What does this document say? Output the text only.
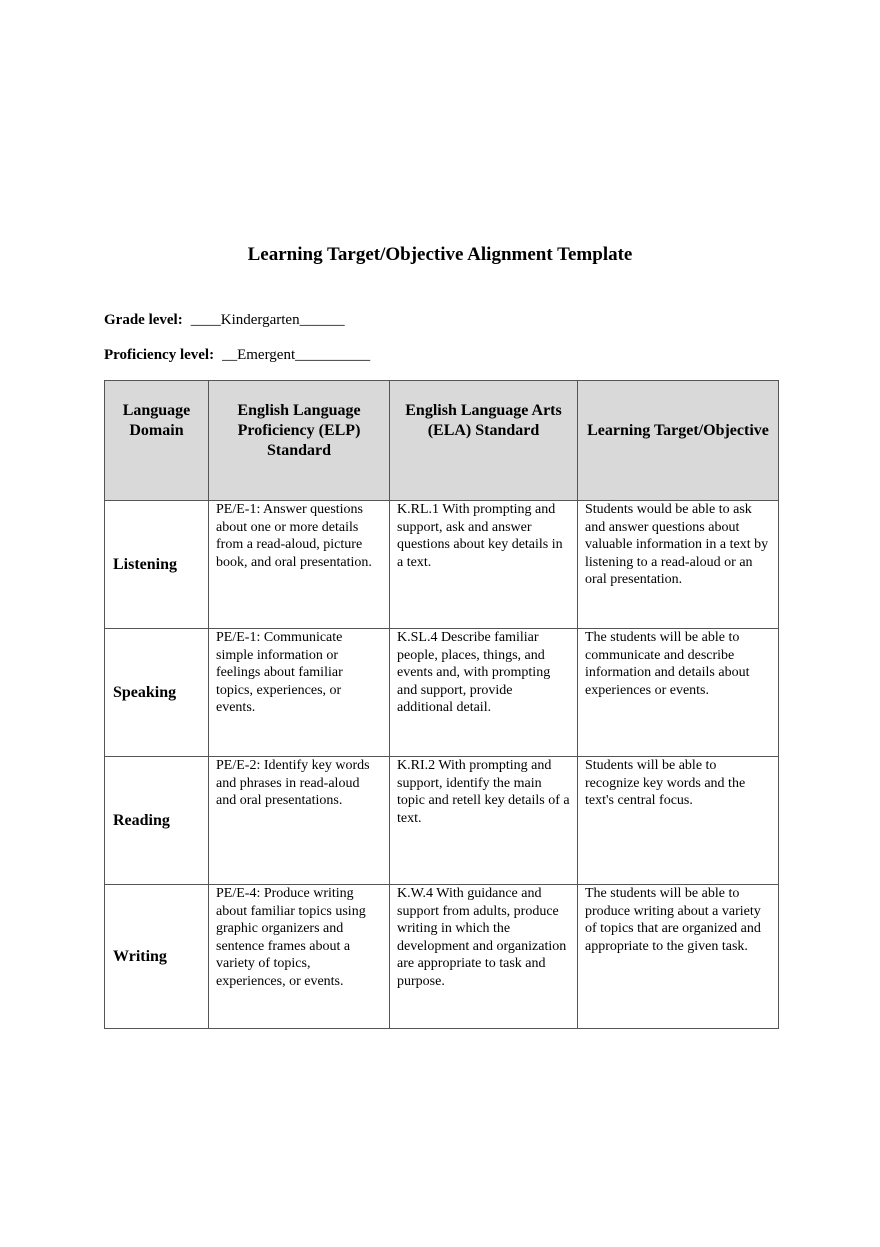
Learning Target/Objective Alignment Template
Grade level: ____Kindergarten______
Proficiency level: __Emergent__________
Language Domain	English Language Proficiency (ELP) Standard	English Language Arts (ELA) Standard	Learning Target/Objective
Listening	PE/E-1: Answer questions about one or more details from a read-aloud, picture book, and oral presentation.	K.RL.1 With prompting and support, ask and answer questions about key details in a text.	Students would be able to ask and answer questions about valuable information in a text by listening to a read-aloud or an oral presentation.
Speaking	PE/E-1: Communicate simple information or feelings about familiar topics, experiences, or events.	K.SL.4 Describe familiar people, places, things, and events and, with prompting and support, provide additional detail.	The students will be able to communicate and describe information and details about experiences or events.
Reading	PE/E-2: Identify key words and phrases in read-aloud and oral presentations.	K.RI.2 With prompting and support, identify the main topic and retell key details of a text.	Students will be able to recognize key words and the text's central focus.
Writing	PE/E-4: Produce writing about familiar topics using graphic organizers and sentence frames about a variety of topics, experiences, or events.	K.W.4 With guidance and support from adults, produce writing in which the development and organization are appropriate to task and purpose.	The students will be able to produce writing about a variety of topics that are organized and appropriate to the given task.
